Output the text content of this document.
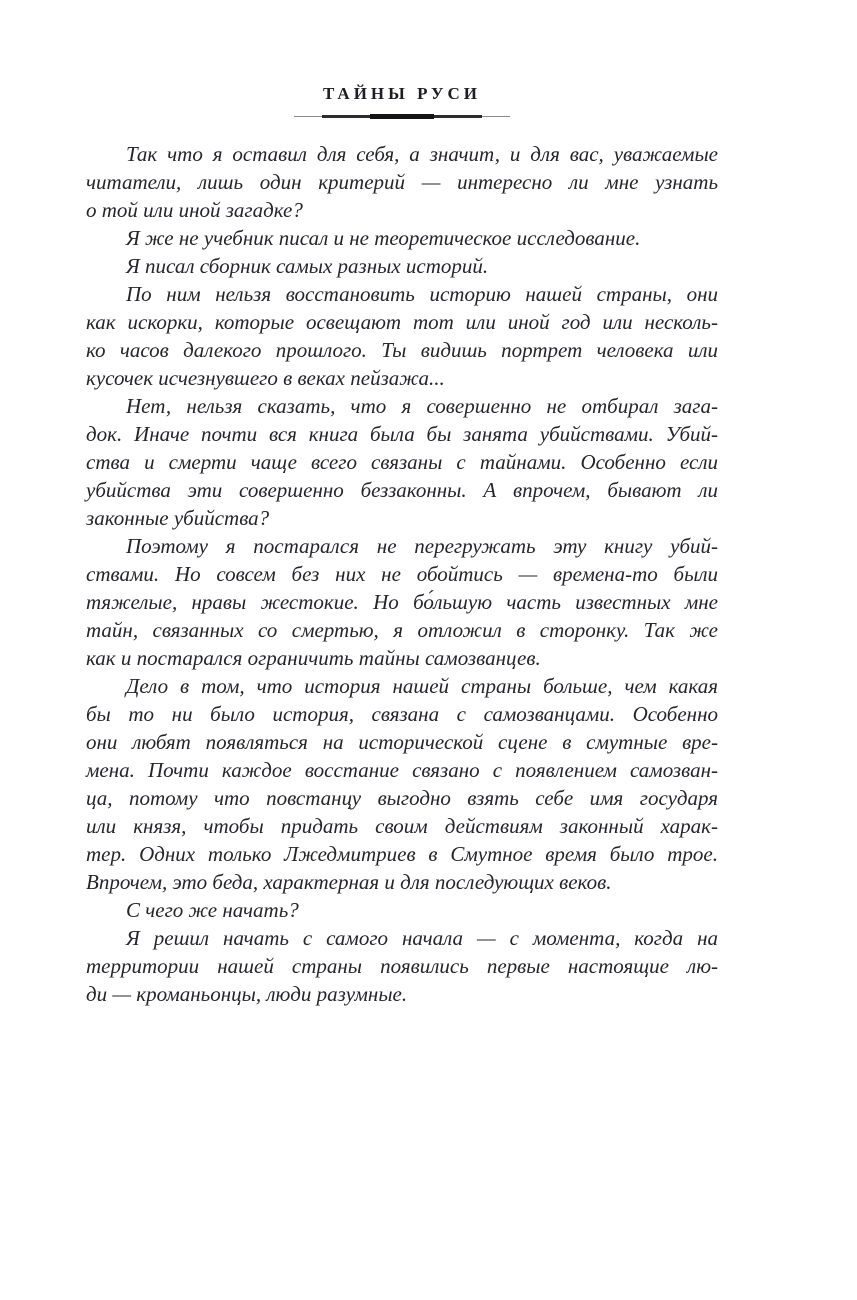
ТАЙНЫ РУСИ
Так что я оставил для себя, а значит, и для вас, уважаемые
читатели, лишь один критерий — интересно ли мне узнать
о той или иной загадке?
Я же не учебник писал и не теоретическое исследование.
Я писал сборник самых разных историй.
По ним нельзя восстановить историю нашей страны, они
как искорки, которые освещают тот или иной год или несколь-
ко часов далекого прошлого. Ты видишь портрет человека или
кусочек исчезнувшего в веках пейзажа...
Нет, нельзя сказать, что я совершенно не отбирал зага-
док. Иначе почти вся книга была бы занята убийствами. Убий-
ства и смерти чаще всего связаны с тайнами. Особенно если
убийства эти совершенно беззаконны. А впрочем, бывают ли
законные убийства?
Поэтому я постарался не перегружать эту книгу убий-
ствами. Но совсем без них не обойтись — времена-то были
тяжелые, нравы жестокие. Но бо́льшую часть известных мне
тайн, связанных со смертью, я отложил в сторонку. Так же
как и постарался ограничить тайны самозванцев.
Дело в том, что история нашей страны больше, чем какая
бы то ни было история, связана с самозванцами. Особенно
они любят появляться на исторической сцене в смутные вре-
мена. Почти каждое восстание связано с появлением самозван-
ца, потому что повстанцу выгодно взять себе имя государя
или князя, чтобы придать своим действиям законный харак-
тер. Одних только Лжедмитриев в Смутное время было трое.
Впрочем, это беда, характерная и для последующих веков.
С чего же начать?
Я решил начать с самого начала — с момента, когда на
территории нашей страны появились первые настоящие лю-
ди — кроманьонцы, люди разумные.
